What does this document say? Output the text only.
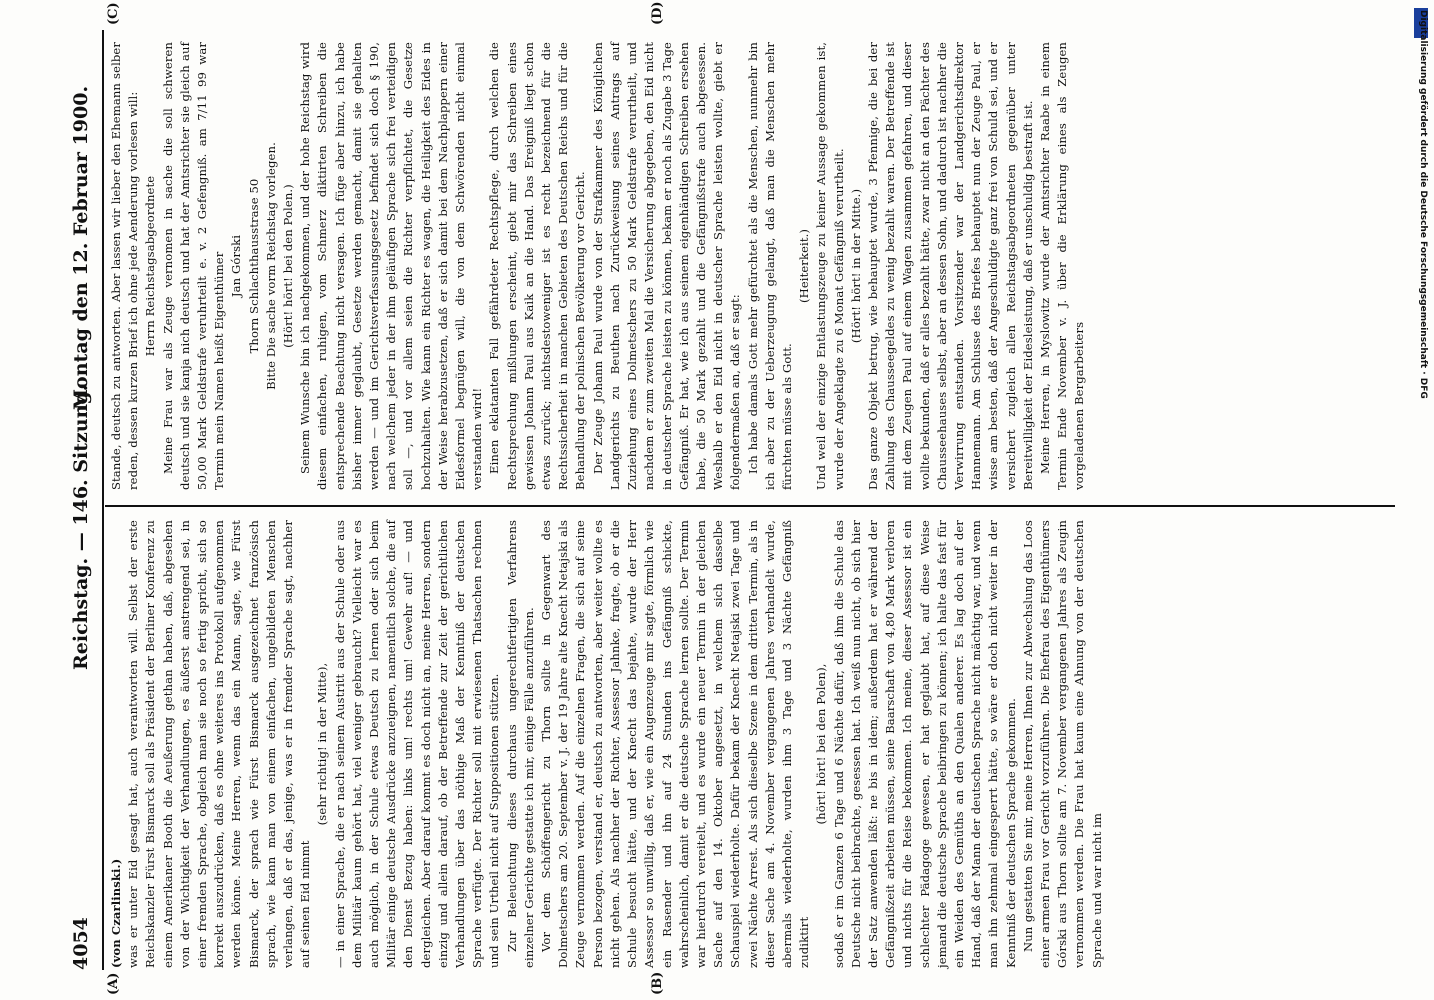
Digitalisierung gefördert durch die Deutsche Forschungsgemeinschaft · DFG
4054
Reichstag. — 146. Sitzung.
Montag den 12. Februar 1900.
(A)	(B)
(C)	(D)

(von Czarlinski.) was er unter Eid gesagt hat, auch verantworten will. Selbst der erste Reichskanzler Fürst Bismarck soll als Präsident der Berliner Konferenz zu einem Amerikaner Booth die Aeußerung gethan haben, daß, abgesehen von der Wichtigkeit der Verhandlungen, es äußerst anstrengend sei, in einer fremden Sprache, obgleich man sie noch so fertig spricht, sich so korrekt auszudrücken, daß es ohne weiteres ins Protokoll aufgenommen werden könne. Meine Herren, wenn das ein Mann, sagte, wie Fürst Bismarck, der sprach wie Fürst Bismarck ausgezeichnet französisch sprach, wie kann man von einem einfachen, ungebildeten Menschen verlangen, daß er das, jenige, was er in fremder Sprache sagt, nachher auf seinen Eid nimmt

(sehr richtig! in der Mitte), — in einer Sprache, die er nach seinem Austritt aus der Schule oder aus dem Militär kaum gehört hat, viel weniger gebraucht? Vielleicht war es auch möglich, in der Schule etwas Deutsch zu lernen oder sich beim Militär einige deutsche Ausdrücke anzueignen, namentlich solche, die auf den Dienst Bezug haben: links um! rechts um! Gewehr auf! — und dergleichen. Aber darauf kommt es doch nicht an, meine Herren, sondern einzig und allein darauf, ob der Betreffende zur Zeit der gerichtlichen Verhandlungen über das nöthige Maß der Kenntniß der deutschen Sprache verfügte. Der Richter soll mit erwiesenen Thatsachen rechnen und sein Urtheil nicht auf Suppositionen stützen. Zur Beleuchtung dieses durchaus ungerechtfertigten Verfahrens einzelner Gerichte gestatte ich mir, einige Fälle anzuführen. Vor dem Schöffengericht zu Thorn sollte in Gegenwart des Dolmetschers am 20. September v. J. der 19 Jahre alte Knecht Netajski als Zeuge vernommen werden. Auf die einzelnen Fragen, die sich auf seine Person bezogen, verstand er, deutsch zu antworten, aber weiter wollte es nicht gehen. Als nachher der Richter, Assessor Jahnke, fragte, ob er die Schule besucht hätte, und der Knecht das bejahte, wurde der Herr Assessor so unwillig, daß er, wie ein Augenzeuge mir sagte, förmlich wie ein Rasender und ihn auf 24 Stunden ins Gefängniß schickte, wahrscheinlich, damit er die deutsche Sprache lernen sollte. Der Termin war hierdurch vereitelt, und es wurde ein neuer Termin in der gleichen Sache auf den 14. Oktober angesetzt, in welchem sich dasselbe Schauspiel wiederholte. Dafür bekam der Knecht Netajski zwei Tage und zwei Nächte Arrest. Als sich dieselbe Szene in dem dritten Termin, als in dieser Sache am 4. November vergangenen Jahres verhandelt wurde, abermals wiederholte, wurden ihm 3 Tage und 3 Nächte Gefängniß zudiktirt

(hört! hört! bei den Polen), sodaß er im Ganzen 6 Tage und 6 Nächte dafür, daß ihm die Schule das Deutsche nicht beibrachte, gesessen hat. Ich weiß nun nicht, ob sich hier der Satz anwenden läßt: ne bis in idem; außerdem hat er während der Gefängnißzeit arbeiten müssen, seine Baarschaft von 4,80 Mark verloren und nichts für die Reise bekommen. Ich meine, dieser Assessor ist ein schlechter Pädagoge gewesen, er hat geglaubt hat, auf diese Weise jemand die deutsche Sprache beibringen zu können; ich halte das fast für ein Weiden des Gemüths an den Qualen anderer. Es lag doch auf der Hand, daß der Mann der deutschen Sprache nicht mächtig war, und wenn man ihn zehnmal eingesperrt hätte, so wäre er doch nicht weiter in der Kenntniß der deutschen Sprache gekommen. Nun gestatten Sie mir, meine Herren, Ihnen zur Abwechslung das Loos einer armen Frau vor Gericht vorzuführen. Die Ehefrau des Eigenthümers Górski aus Thorn sollte am 7. November vergangenen Jahres als Zeugin vernommen werden. Die Frau hat kaum eine Ahnung von der deutschen Sprache und war nicht im

Stande, deutsch zu antworten. Aber lassen wir lieber den Ehemann selber reden, dessen kurzen Brief ich ohne jede Aenderung vorlesen will: Herrn Reichstagsabgeordnete Meine Frau war als Zeuge vernomen in sache die soll schweren deutsch und sie kanja nich deutsch und hat der Amtsrichter sie gleich auf 50,00 Mark Geldstrafe veruhrteilt e. v. 2 Gefengniß. am 7/11 99 war Termin mein Namen heißt Eigenthümer Jan Górski Thorn Schlachthausstrase 50 Bitte Die sache vorm Reichstag vorlegen. (Hört! hört! bei den Polen.) Seinem Wunsche bin ich nachgekommen, und der hohe Reichstag wird diesem einfachen, ruhigen, vom Schmerz diktirten Schreiben die entsprechende Beachtung nicht versagen. Ich füge aber hinzu, ich habe bisher immer geglaubt, Gesetze werden gemacht, damit sie gehalten werden — und im Gerichtsverfassungsgesetz befindet sich doch § 190, nach welchem jeder in der ihm geläufigen Sprache sich frei verteidigen soll —, und vor allem seien die Richter verpflichtet, die Gesetze hochzuhalten. Wie kann ein Richter es wagen, die Heiligkeit des Eides in der Weise herabzusetzen, daß er sich damit bei dem Nachplappern einer Eidesformel begnügen will, die von dem Schwörenden nicht einmal verstanden wird! Einen eklatanten Fall gefährdeter Rechtspflege, durch welchen die Rechtsprechung mißlungen erscheint, giebt mir das Schreiben eines gewissen Johann Paul aus Kaik an die Hand. Das Ereigniß liegt schon etwas zurück; nichtsdestoweniger ist es recht bezeichnend für die Rechtssicherheit in manchen Gebieten des Deutschen Reichs und für die Behandlung der polnischen Bevölkerung vor Gericht. Der Zeuge Johann Paul wurde von der Strafkammer des Königlichen Landgerichts zu Beuthen nach Zurückweisung seines Antrags auf Zuziehung eines Dolmetschers zu 50 Mark Geldstrafe verurtheilt, und nachdem er zum zweiten Mal die Versicherung abgegeben, den Eid nicht in deutscher Sprache leisten zu können, bekam er noch als Zugabe 3 Tage Gefängniß. Er hat, wie ich aus seinem eigenhändigen Schreiben ersehen habe, die 50 Mark gezahlt und die Gefängnißstrafe auch abgesessen. Weshalb er den Eid nicht in deutscher Sprache leisten wollte, giebt er folgendermaßen an, daß er sagt: Ich habe damals Gott mehr gefürchtet als die Menschen, nunmehr bin ich aber zu der Ueberzeugung gelangt, daß man die Menschen mehr fürchten müsse als Gott.

(Heiterkeit.) Und weil der einzige Entlastungszeuge zu keiner Aussage gekommen ist, wurde der Angeklagte zu 6 Monat Gefängniß verurtheilt. (Hört! hört! in der Mitte.) Das ganze Objekt betrug, wie behauptet wurde, 3 Pfennige, die bei der Zahlung des Chausseegeldes zu wenig bezahlt waren. Der Betreffende ist mit dem Zeugen Paul auf einem Wagen zusammen gefahren, und dieser wollte bekunden, daß er alles bezahlt hätte, zwar nicht an den Pächter des Chausseehauses selbst, aber an dessen Sohn, und dadurch ist nachher die Verwirrung entstanden. Vorsitzender war der Landgerichtsdirektor Hannemann. Am Schlusse des Briefes behauptet nun der Zeuge Paul, er wisse am besten, daß der Angeschuldigte ganz frei von Schuld sei, und er versichert zugleich allen Reichstagsabgeordneten gegenüber unter Bereitwilligkeit der Eidesleistung, daß er unschuldig bestraft ist. Meine Herren, in Myslowitz wurde der Amtsrichter Raabe in einem Termin Ende November v. J. über die Erklärung eines als Zeugen vorgeladenen Bergarbeiters
